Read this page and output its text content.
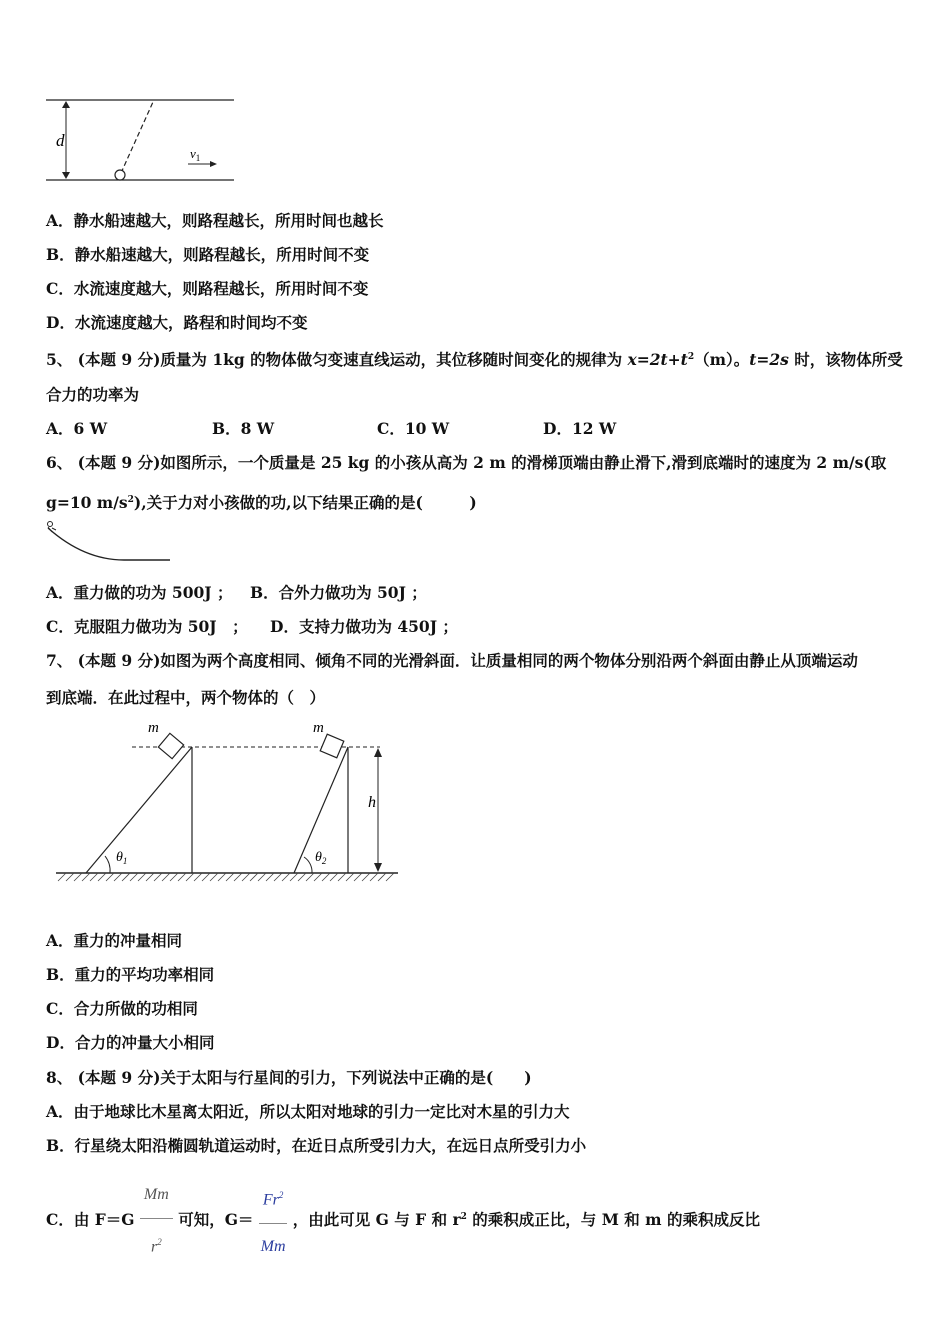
d
$v_1$
A．静水船速越大，则路程越长，所用时间也越长
B．静水船速越大，则路程越长，所用时间不变
C．水流速度越大，则路程越长，所用时间不变
D．水流速度越大，路程和时间均不变
5、 (本题 9 分)质量为 1kg 的物体做匀变速直线运动，其位移随时间变化的规律为 $x=2t+t^2(m)$。t=2s 时，该物体所受
合力的功率为
A．6 W	B．8 W	C．10 W	D．12 W
6、 (本题 9 分)如图所示，一个质量是 25 kg 的小孩从高为 2 m 的滑梯顶端由静止滑下,滑到底端时的速度为 2 m/s(取
g=10 $m/s^2$),关于力对小孩做的功,以下结果正确的是(　　　)
A．重力做的功为 500J ； B．合外力做功为 50J ；
C．克服阻力做功为 50J　； D．支持力做功为 450J ；
7、 (本题 9 分)如图为两个高度相同、倾角不同的光滑斜面．让质量相同的两个物体分别沿两个斜面由静止从顶端运动
到底端．在此过程中，两个物体的（　）
m	m
h
$\theta_1$	$\theta_2$
A．重力的冲量相同
B．重力的平均功率相同
C．合力所做的功相同
D．合力的冲量大小相同
8、 (本题 9 分)关于太阳与行星间的引力，下列说法中正确的是(　　)
A．由于地球比木星离太阳近，所以太阳对地球的引力一定比对木星的引力大
B．行星绕太阳沿椭圆轨道运动时，在近日点所受引力大，在远日点所受引力小
C．由 $F=G \frac{Mm}{r^2}$ 可知，$G= \frac{Fr^2}{Mm}$ ，由此可见 G 与 F 和 $r^2$ 的乘积成正比，与 M 和 m 的乘积成反比
